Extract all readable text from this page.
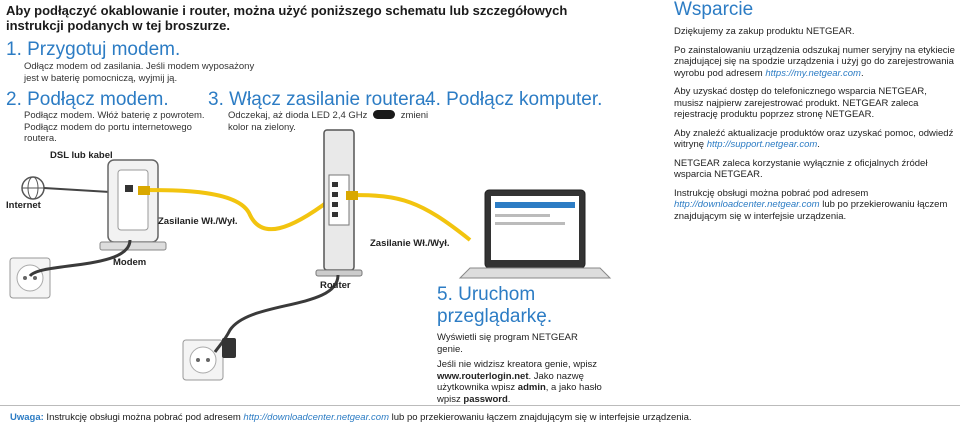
Aby podłączyć okablowanie i router, można użyć poniższego schematu lub szczegółowych instrukcji podanych w tej broszurze.
1. Przygotuj modem.
Odłącz modem od zasilania. Jeśli modem wyposażony jest w baterię pomocniczą, wyjmij ją.
2. Podłącz modem.
Podłącz modem. Włóż baterię z powrotem. Podłącz modem do portu internetowego routera.
3. Włącz zasilanie routera.
Odczekaj, aż dioda LED 2,4 GHz	zmieni kolor na zielony.
4. Podłącz komputer.
DSL lub kabel
Internet
Zasilanie Wł./Wył.
Zasilanie Wł./Wył.
Modem
Router	5. Uruchom przeglądarkę.

Wyświetli się program NETGEAR genie.

Jeśli nie widzisz kreatora genie, wpisz www.routerlogin.net. Jako nazwę użytkownika wpisz admin, a jako hasło wpisz password.

Wsparcie

Dziękujemy za zakup produktu NETGEAR.

Po zainstalowaniu urządzenia odszukaj numer seryjny na etykiecie znajdującej się na spodzie urządzenia i użyj go do zarejestrowania wyrobu pod adresem https://my.netgear.com.

Aby uzyskać dostęp do telefonicznego wsparcia NETGEAR, musisz najpierw zarejestrować produkt. NETGEAR zaleca rejestrację produktu poprzez stronę NETGEAR.

Aby znaleźć aktualizacje produktów oraz uzyskać pomoc, odwiedź witrynę http://support.netgear.com.

NETGEAR zaleca korzystanie wyłącznie z oficjalnych źródeł wsparcia NETGEAR.

Instrukcję obsługi można pobrać pod adresem http://downloadcenter.netgear.com lub po przekierowaniu łączem znajdującym się w interfejsie urządzenia.

Uwaga: Instrukcję obsługi można pobrać pod adresem http://downloadcenter.netgear.com lub po przekierowaniu łączem znajdującym się w interfejsie urządzenia.
